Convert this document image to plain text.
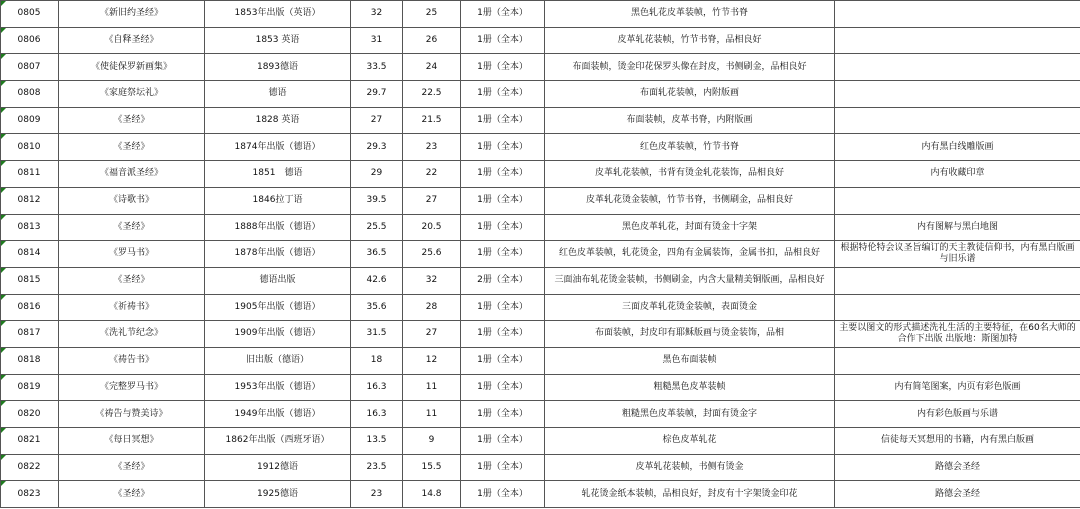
0805	《新旧约圣经》	1853年出版（英语）	32	25	1册（全本）	黑色轧花皮革装帧，竹节书脊	
0806	《自释圣经》	1853 英语	31	26	1册（全本）	皮革轧花装帧，竹节书脊，品相良好	
0807	《使徒保罗新画集》	1893德语	33.5	24	1册（全本）	布面装帧，烫金印花保罗头像在封皮，书侧刷金，品相良好	
0808	《家庭祭坛礼》	德语	29.7	22.5	1册（全本）	布面轧花装帧，内附版画	
0809	《圣经》	1828 英语	27	21.5	1册（全本）	布面装帧，皮革书脊，内附版画	
0810	《圣经》	1874年出版（德语）	29.3	23	1册（全本）	红色皮革装帧，竹节书脊	内有黑白线雕版画
0811	《福音派圣经》	1851　德语	29	22	1册（全本）	皮革轧花装帧，书背有烫金轧花装饰，品相良好	内有收藏印章
0812	《诗歌书》	1846拉丁语	39.5	27	1册（全本）	皮革轧花烫金装帧，竹节书脊，书侧刷金，品相良好	
0813	《圣经》	1888年出版（德语）	25.5	20.5	1册（全本）	黑色皮革轧花，封面有烫金十字架	内有图解与黑白地图
0814	《罗马书》	1878年出版（德语）	36.5	25.6	1册（全本）	红色皮革装帧，轧花烫金，四角有金属装饰，金属书扣，品相良好	根据特伦特会议圣旨编订的天主教徒信仰书，内有黑白版画与旧乐谱
0815	《圣经》	德语出版	42.6	32	2册（全本）	三面油布轧花烫金装帧，书侧刷金，内含大量精美铜版画，品相良好	
0816	《祈祷书》	1905年出版（德语）	35.6	28	1册（全本）	三面皮革轧花烫金装帧，表面烫金	
0817	《洗礼节纪念》	1909年出版（德语）	31.5	27	1册（全本）	布面装帧，封皮印有耶稣版画与烫金装饰，品相	主要以图文的形式描述洗礼生活的主要特征，在60名大师的合作下出版 出版地：斯图加特
0818	《祷告书》	旧出版（德语）	18	12	1册（全本）	黑色布面装帧	
0819	《完整罗马书》	1953年出版（德语）	16.3	11	1册（全本）	粗糙黑色皮革装帧	内有简笔图案，内页有彩色版画
0820	《祷告与赞美诗》	1949年出版（德语）	16.3	11	1册（全本）	粗糙黑色皮革装帧，封面有烫金字	内有彩色版画与乐谱
0821	《每日冥想》	1862年出版（西班牙语）	13.5	9	1册（全本）	棕色皮革轧花	信徒每天冥想用的书籍，内有黑白版画
0822	《圣经》	1912德语	23.5	15.5	1册（全本）	皮革轧花装帧，书侧有烫金	路德会圣经
0823	《圣经》	1925德语	23	14.8	1册（全本）	轧花烫金纸本装帧，品相良好，封皮有十字架烫金印花	路德会圣经
